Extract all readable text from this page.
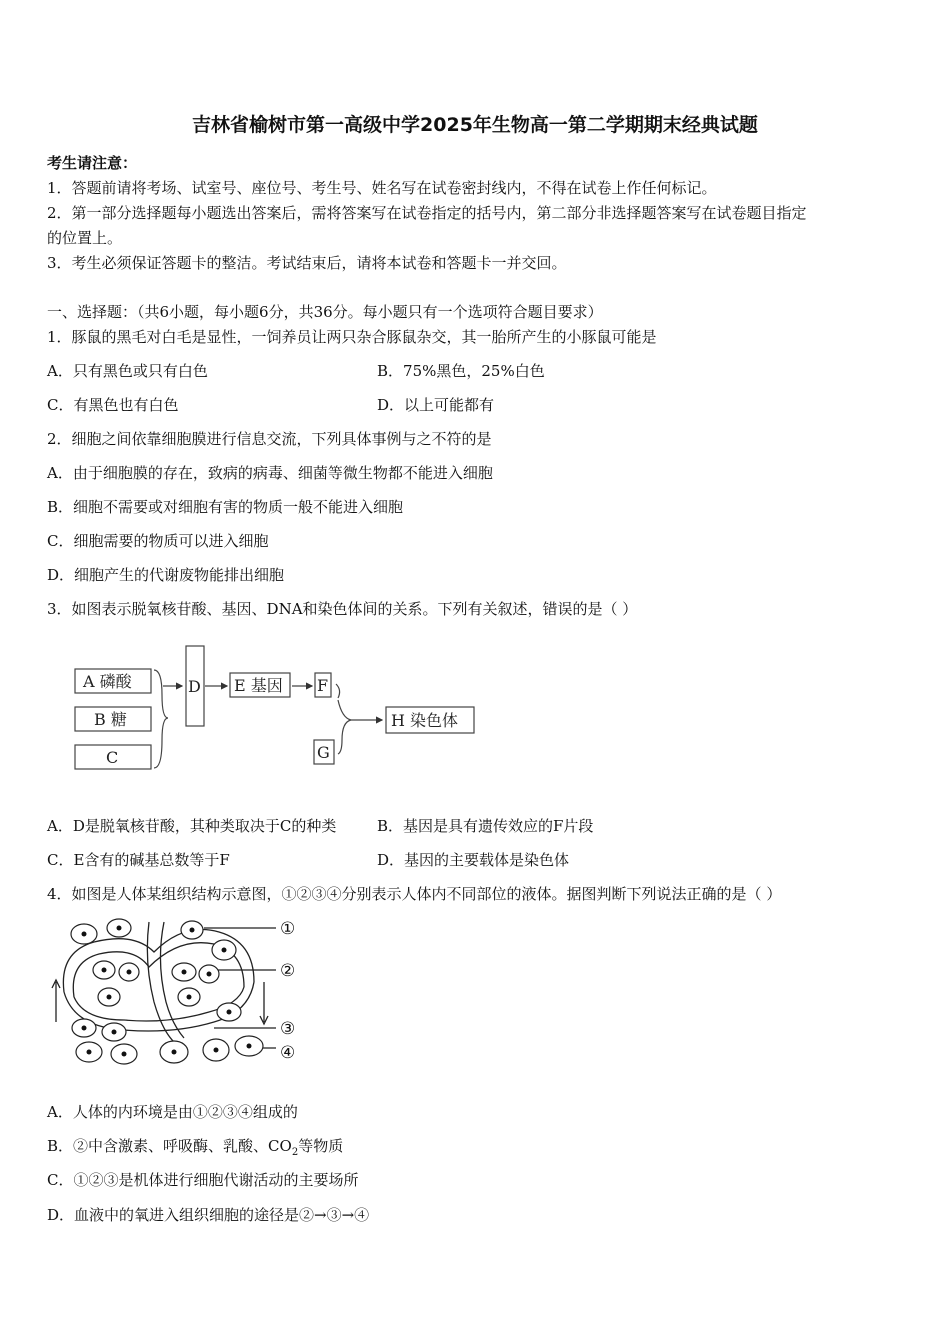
吉林省榆树市第一高级中学2025年生物高一第二学期期末经典试题
考生请注意：
1．答题前请将考场、试室号、座位号、考生号、姓名写在试卷密封线内，不得在试卷上作任何标记。
2．第一部分选择题每小题选出答案后，需将答案写在试卷指定的括号内，第二部分非选择题答案写在试卷题目指定
的位置上。
3．考生必须保证答题卡的整洁。考试结束后，请将本试卷和答题卡一并交回。
一、选择题：（共6小题，每小题6分，共36分。每小题只有一个选项符合题目要求）
1．豚鼠的黑毛对白毛是显性，一饲养员让两只杂合豚鼠杂交，其一胎所产生的小豚鼠可能是
A．只有黑色或只有白色	B．75%黑色，25%白色
C．有黑色也有白色	D．以上可能都有
2．细胞之间依靠细胞膜进行信息交流，下列具体事例与之不符的是
A．由于细胞膜的存在，致病的病毒、细菌等微生物都不能进入细胞
B．细胞不需要或对细胞有害的物质一般不能进入细胞
C．细胞需要的物质可以进入细胞
D．细胞产生的代谢废物能排出细胞
3．如图表示脱氧核苷酸、基因、DNA和染色体间的关系。下列有关叙述，错误的是（ ）
A 磷酸
B 糖
C
D E 基因 F
G
H 染色体
A．D是脱氧核苷酸，其种类取决于C的种类	B．基因是具有遗传效应的F片段
C．E含有的碱基总数等于F	D．基因的主要载体是染色体
4．如图是人体某组织结构示意图，①②③④分别表示人体内不同部位的液体。据图判断下列说法正确的是（ ）
①
②
③
④
A．人体的内环境是由①②③④组成的
B．②中含激素、呼吸酶、乳酸、$CO_2$等物质
C．①②③是机体进行细胞代谢活动的主要场所
D．血液中的氧进入组织细胞的途径是②→③→④
